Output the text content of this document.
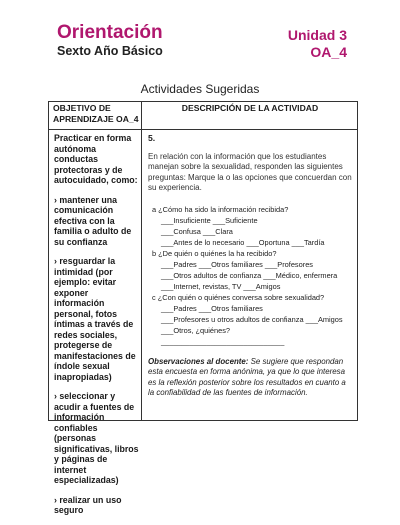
Orientación
Sexto Año Básico
Unidad 3
OA_4
Actividades Sugeridas
OBJETIVO DE APRENDIZAJE OA_4
DESCRIPCIÓN DE LA ACTIVIDAD

Practicar en forma autónoma conductas protectoras y de autocuidado, como:

› mantener una comunicación efectiva con la familia o adulto de su confianza

› resguardar la intimidad (por ejemplo: evitar exponer información personal, fotos íntimas a través de redes sociales, protegerse de manifestaciones de índole sexual inapropiadas)

› seleccionar y acudir a fuentes de información confiables (personas significativas, libros y páginas de internet especializadas)

› realizar un uso seguro

5.

En relación con la información que los estudiantes manejan sobre la sexualidad, responden las siguientes preguntas: Marque la o las opciones que concuerdan con su experiencia.

a ¿Cómo ha sido la información recibida?
___Insuficiente ___Suficiente
___Confusa ___Clara
___Antes de lo necesario ___Oportuna ___Tardía
b ¿De quién o quiénes la ha recibido?
___Padres ___Otros familiares ___Profesores
___Otros adultos de confianza ___Médico, enfermera
___Internet, revistas, TV ___Amigos
c ¿Con quién o quiénes conversa sobre sexualidad?
___Padres ___Otros familiares
___Profesores u otros adultos de confianza ___Amigos
___Otros, ¿quiénes? ______________________________
Observaciones al docente: Se sugiere que respondan esta encuesta en forma anónima, ya que lo que interesa es la reflexión posterior sobre los resultados en cuanto a la confiabilidad de las fuentes de información.
